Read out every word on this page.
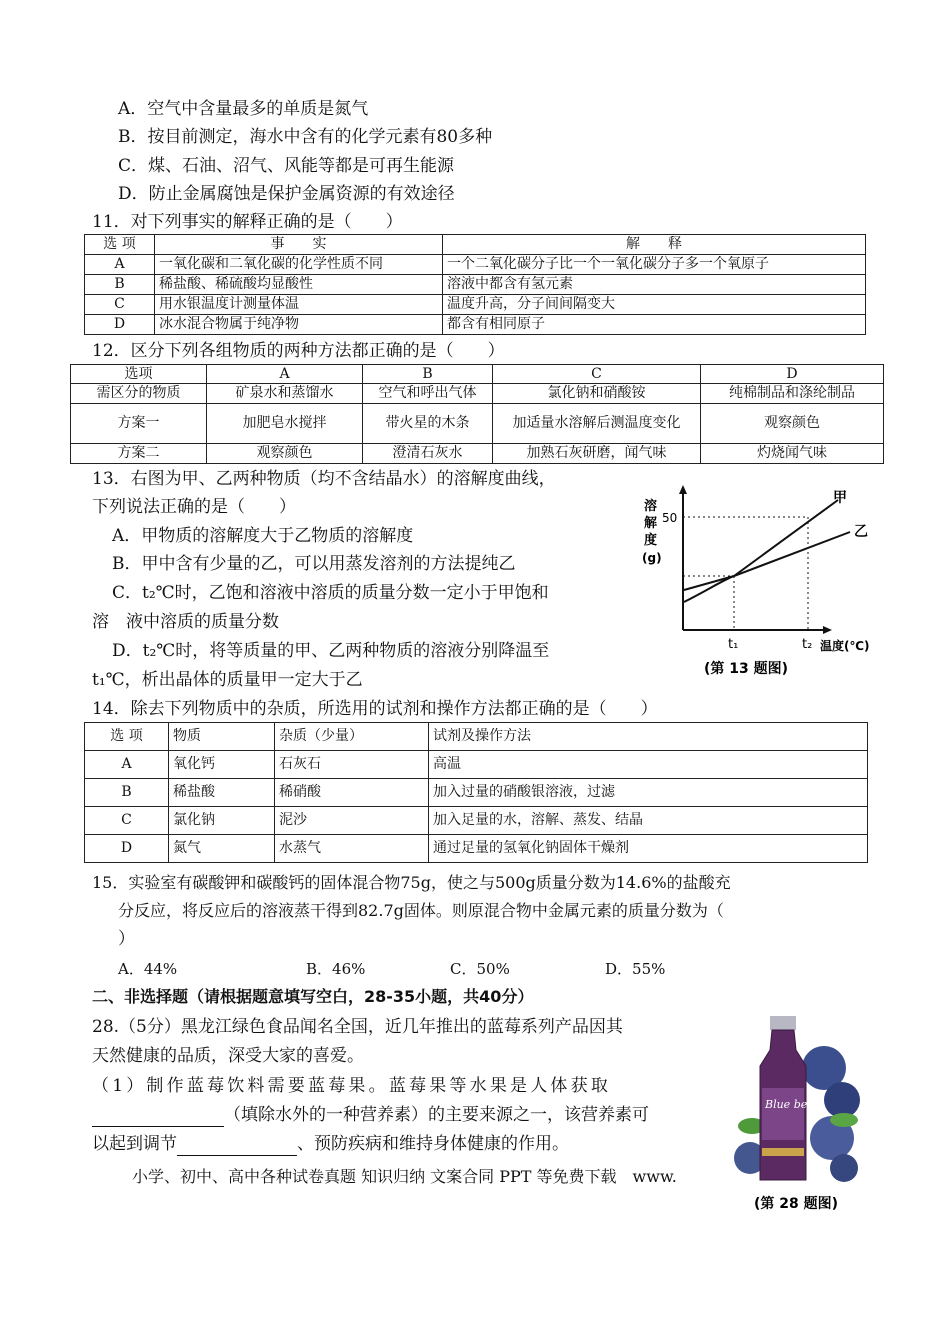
A．空气中含量最多的单质是氮气
B．按目前测定，海水中含有的化学元素有80多种
C．煤、石油、沼气、风能等都是可再生能源
D．防止金属腐蚀是保护金属资源的有效途径
11．对下列事实的解释正确的是（　　）
选 项	事　　实	解　　释
A	一氧化碳和二氧化碳的化学性质不同	一个二氧化碳分子比一个一氧化碳分子多一个氧原子
B	稀盐酸、稀硫酸均显酸性	溶液中都含有氢元素
C	用水银温度计测量体温	温度升高，分子间间隔变大
D	冰水混合物属于纯净物	都含有相同原子
12．区分下列各组物质的两种方法都正确的是（　　）
选项	A	B	C	D
需区分的物质	矿泉水和蒸馏水	空气和呼出气体	氯化钠和硝酸铵	纯棉制品和涤纶制品
方案一	加肥皂水搅拌	带火星的木条	加适量水溶解后测温度变化	观察颜色
方案二	观察颜色	澄清石灰水	加熟石灰研磨，闻气味	灼烧闻气味
13．右图为甲、乙两种物质（均不含结晶水）的溶解度曲线，
下列说法正确的是（　　）
A．甲物质的溶解度大于乙物质的溶解度
B．甲中含有少量的乙，可以用蒸发溶剂的方法提纯乙
C．t₂℃时，乙饱和溶液中溶质的质量分数一定小于甲饱和
溶　液中溶质的质量分数
D．t₂℃时，将等质量的甲、乙两种物质的溶液分别降温至
t₁℃，析出晶体的质量甲一定大于乙
溶
解
度
(g)
50
甲
乙
t₁	t₂ 温度(℃)
(第 13 题图)
14．除去下列物质中的杂质，所选用的试剂和操作方法都正确的是（　　）
选 项	物质	杂质（少量）	试剂及操作方法
A	氧化钙	石灰石	高温
B	稀盐酸	稀硝酸	加入过量的硝酸银溶液，过滤
C	氯化钠	泥沙	加入足量的水，溶解、蒸发、结晶
D	氮气	水蒸气	通过足量的氢氧化钠固体干燥剂
15．实验室有碳酸钾和碳酸钙的固体混合物75g，使之与500g质量分数为14.6%的盐酸充
分反应，将反应后的溶液蒸干得到82.7g固体。则原混合物中金属元素的质量分数为（
）
A．44%	B．46%	C．50%	D．55%
二、非选择题（请根据题意填写空白，28-35小题，共40分）
28.（5分）黑龙江绿色食品闻名全国，近几年推出的蓝莓系列产品因其
天然健康的品质，深受大家的喜爱。
（1）制作蓝莓饮料需要蓝莓果。蓝莓果等水果是人体获取
（填除水外的一种营养素）的主要来源之一，该营养素可
以起到调节	、预防疾病和维持身体健康的作用。
Blue berry
(第 28 题图)
小学、初中、高中各种试卷真题 知识归纳 文案合同 PPT 等免费下载　www.
